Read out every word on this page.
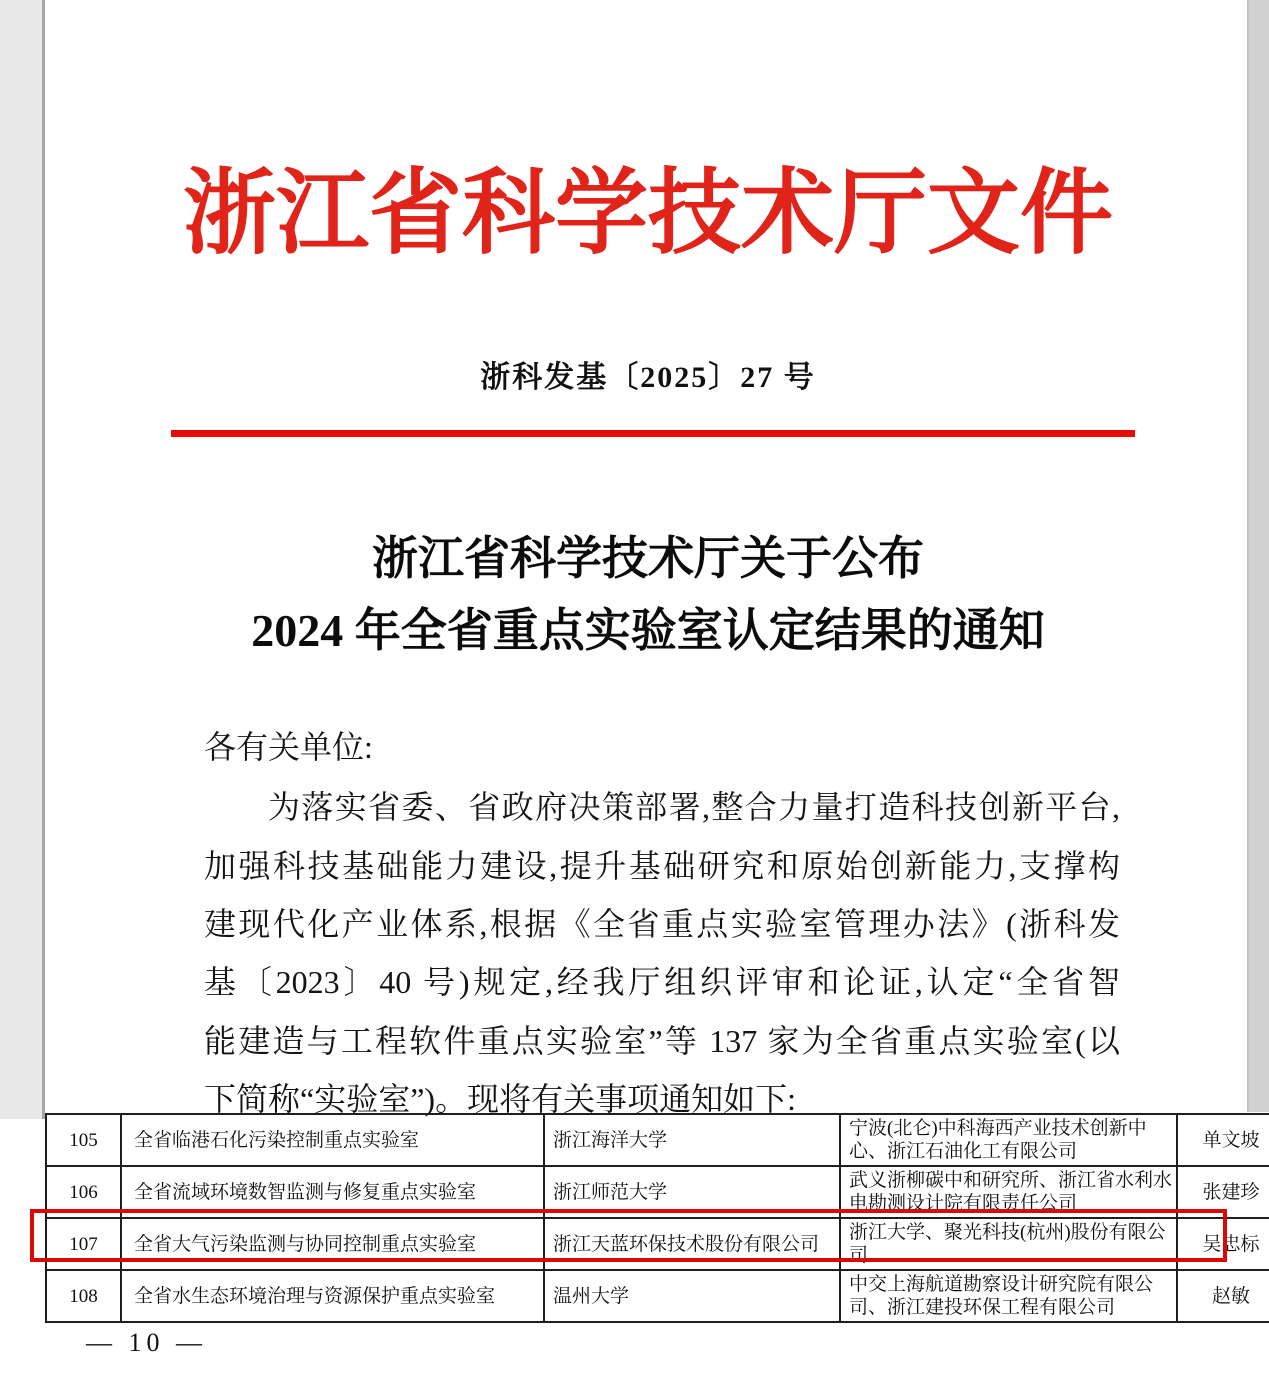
浙江省科学技术厅文件
浙科发基〔2025〕27 号
浙江省科学技术厅关于公布
2024 年全省重点实验室认定结果的通知
各有关单位:
为落实省委、省政府决策部署,整合力量打造科技创新平台,
加强科技基础能力建设,提升基础研究和原始创新能力,支撑构
建现代化产业体系,根据《全省重点实验室管理办法》(浙科发
基〔2023〕40 号)规定,经我厅组织评审和论证,认定“全省智
能建造与工程软件重点实验室”等 137 家为全省重点实验室(以
下简称“实验室”)。现将有关事项通知如下:
105	全省临港石化污染控制重点实验室	浙江海洋大学	宁波(北仑)中科海西产业技术创新中心、浙江石油化工有限公司	单文坡
106	全省流域环境数智监测与修复重点实验室	浙江师范大学	武义浙柳碳中和研究所、浙江省水利水电勘测设计院有限责任公司	张建珍
107	全省大气污染监测与协同控制重点实验室	浙江天蓝环保技术股份有限公司	浙江大学、聚光科技(杭州)股份有限公司	吴忠标
108	全省水生态环境治理与资源保护重点实验室	温州大学	中交上海航道勘察设计研究院有限公司、浙江建投环保工程有限公司	赵敏
— 10 —
